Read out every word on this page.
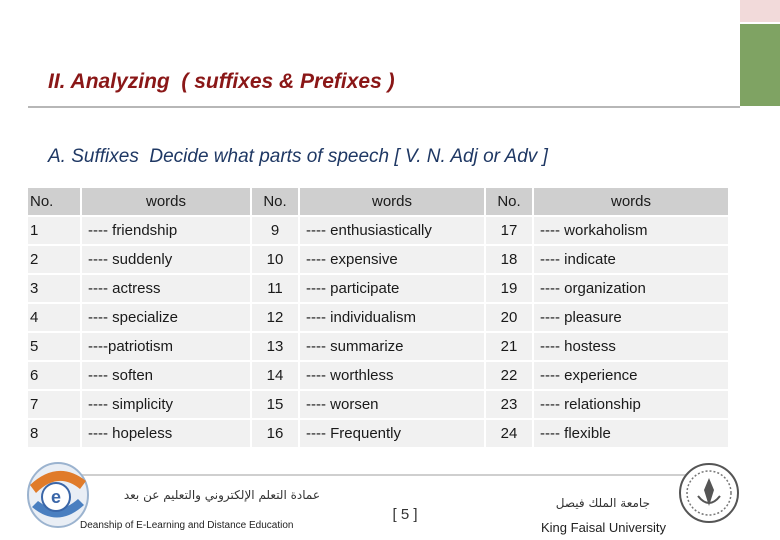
II. Analyzing  ( suffixes & Prefixes )
A. Suffixes  Decide what parts of speech [ V. N. Adj or Adv ]
No.	words	No.	words	No.	words
1	---- friendship	9	---- enthusiastically	17	---- workaholism
2	---- suddenly	10	---- expensive	18	---- indicate
3	---- actress	11	---- participate	19	---- organization
4	---- specialize	12	---- individualism	20	---- pleasure
5	----patriotism	13	---- summarize	21	---- hostess
6	---- soften	14	---- worthless	22	---- experience
7	---- simplicity	15	---- worsen	23	---- relationship
8	---- hopeless	16	---- Frequently	24	---- flexible
e	عمادة التعلم الإلكتروني والتعليم عن بعد
Deanship of E-Learning and Distance Education
[ 5 ]
جامعة الملك فيصل
King Faisal University
